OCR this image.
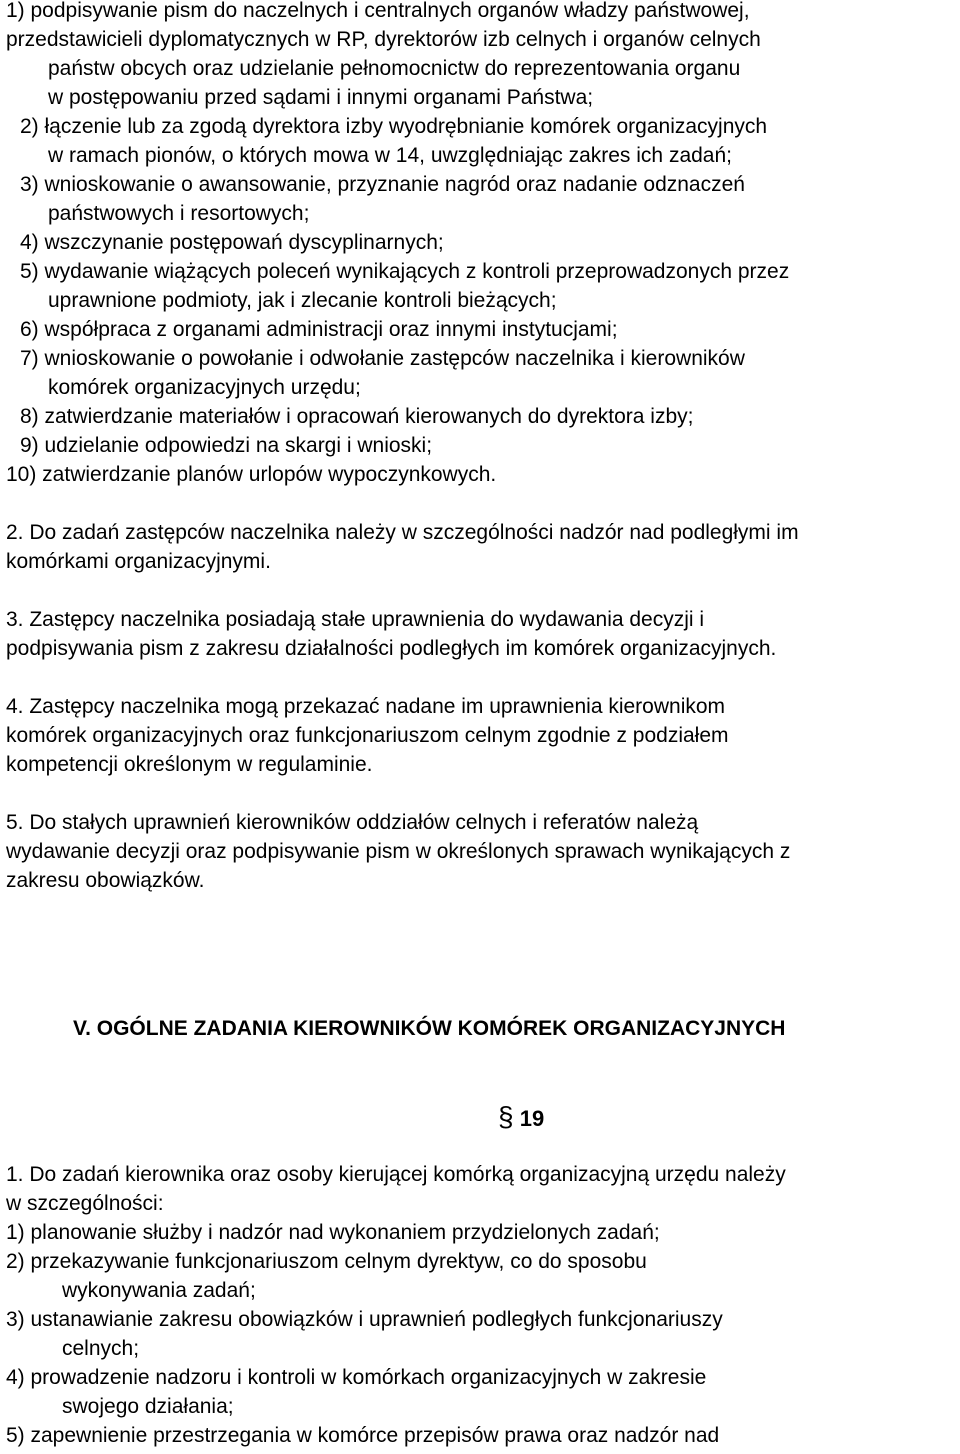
1) podpisywanie pism do naczelnych i centralnych organów władzy państwowej,
przedstawicieli dyplomatycznych w RP, dyrektorów izb celnych i organów celnych
państw obcych oraz udzielanie pełnomocnictw do reprezentowania organu
w postępowaniu przed sądami i innymi organami Państwa;
2) łączenie lub za zgodą dyrektora izby wyodrębnianie komórek organizacyjnych
w ramach pionów, o których mowa w 14, uwzględniając zakres ich zadań;
3) wnioskowanie o awansowanie, przyznanie nagród oraz nadanie odznaczeń
państwowych i resortowych;
4) wszczynanie postępowań dyscyplinarnych;
5) wydawanie wiążących poleceń wynikających z kontroli przeprowadzonych przez
uprawnione podmioty, jak i zlecanie kontroli bieżących;
6) współpraca z organami administracji oraz innymi instytucjami;
7) wnioskowanie o powołanie i odwołanie zastępców naczelnika i kierowników
komórek organizacyjnych urzędu;
8) zatwierdzanie materiałów i opracowań kierowanych do dyrektora izby;
9) udzielanie odpowiedzi na skargi i wnioski;
10) zatwierdzanie planów urlopów wypoczynkowych.
2. Do zadań zastępców naczelnika należy w szczególności nadzór nad podległymi im
komórkami organizacyjnymi.
3. Zastępcy naczelnika posiadają stałe uprawnienia do wydawania decyzji i
podpisywania pism z zakresu działalności podległych im komórek organizacyjnych.
4. Zastępcy naczelnika mogą przekazać nadane im uprawnienia kierownikom
komórek organizacyjnych oraz funkcjonariuszom celnym zgodnie z podziałem
kompetencji określonym w regulaminie.
5. Do stałych uprawnień kierowników oddziałów celnych i referatów należą
wydawanie decyzji oraz podpisywanie pism w określonych sprawach wynikających z
zakresu obowiązków.
V. OGÓLNE ZADANIA KIEROWNIKÓW KOMÓREK ORGANIZACYJNYCH
§ 19
1. Do zadań kierownika oraz osoby kierującej komórką organizacyjną urzędu należy
w szczególności:
1) planowanie służby i nadzór nad wykonaniem przydzielonych zadań;
2) przekazywanie funkcjonariuszom celnym dyrektyw, co do sposobu
wykonywania zadań;
3) ustanawianie zakresu obowiązków i uprawnień podległych funkcjonariuszy
celnych;
4) prowadzenie nadzoru i kontroli w komórkach organizacyjnych w zakresie
swojego działania;
5) zapewnienie przestrzegania w komórce przepisów prawa oraz nadzór nad
